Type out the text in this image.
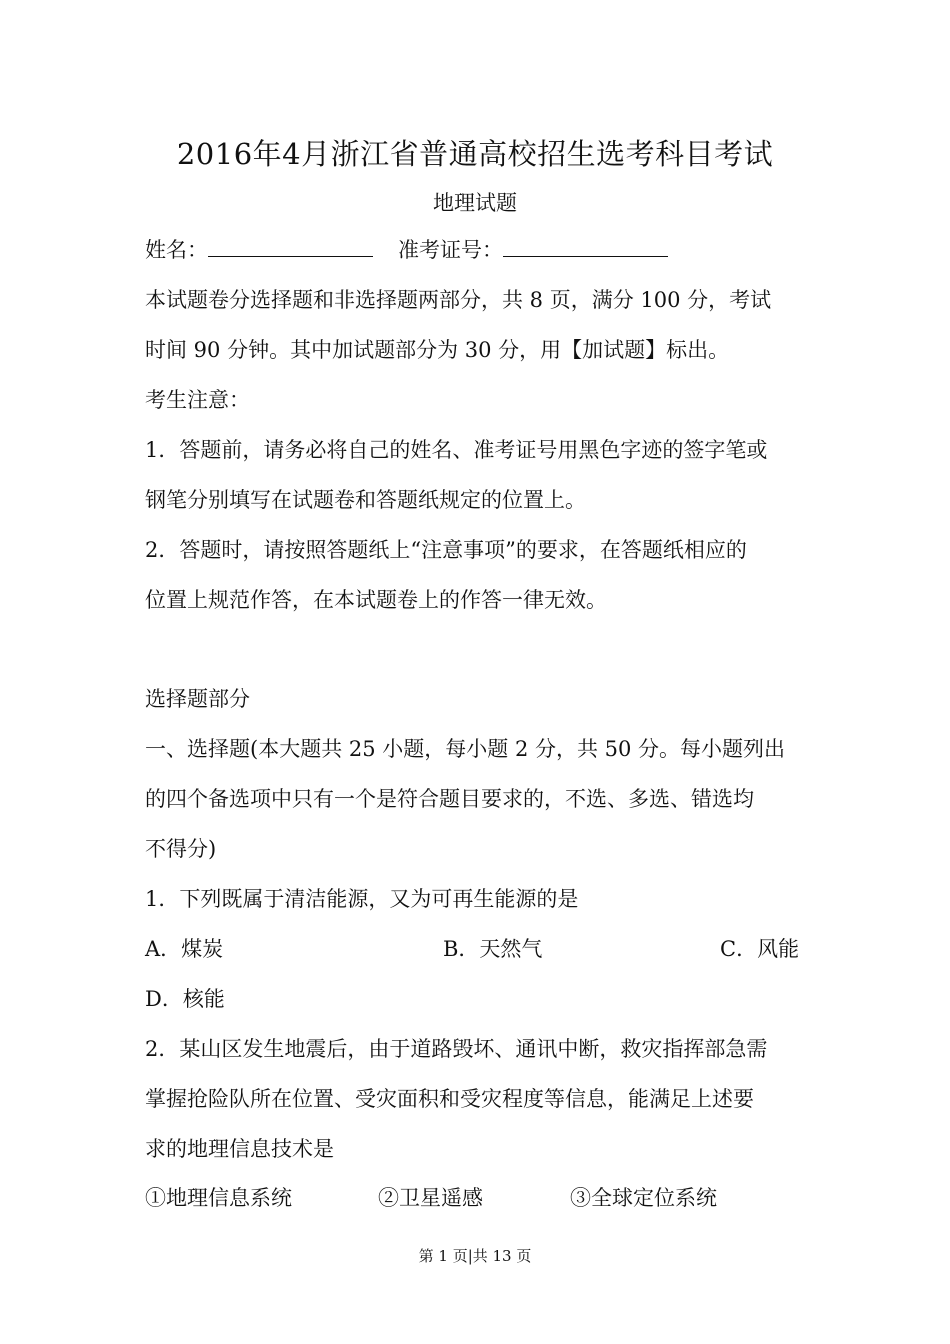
2016年4月浙江省普通高校招生选考科目考试
地理试题
姓名：	准考证号：
本试题卷分选择题和非选择题两部分，共 8 页，满分 100 分，考试
时间 90 分钟。其中加试题部分为 30 分，用【加试题】标出。
考生注意：
1．答题前，请务必将自己的姓名、准考证号用黑色字迹的签字笔或
钢笔分别填写在试题卷和答题纸规定的位置上。
2．答题时，请按照答题纸上“注意事项”的要求，在答题纸相应的
位置上规范作答，在本试题卷上的作答一律无效。
选择题部分
一、选择题(本大题共 25 小题，每小题 2 分，共 50 分。每小题列出
的四个备选项中只有一个是符合题目要求的，不选、多选、错选均
不得分)
1．下列既属于清洁能源，又为可再生能源的是
A．煤炭	B．天然气	C．风能
D．核能
2．某山区发生地震后，由于道路毁坏、通讯中断，救灾指挥部急需
掌握抢险队所在位置、受灾面积和受灾程度等信息，能满足上述要
求的地理信息技术是
①地理信息系统	②卫星遥感	③全球定位系统
第 1 页|共 13 页
